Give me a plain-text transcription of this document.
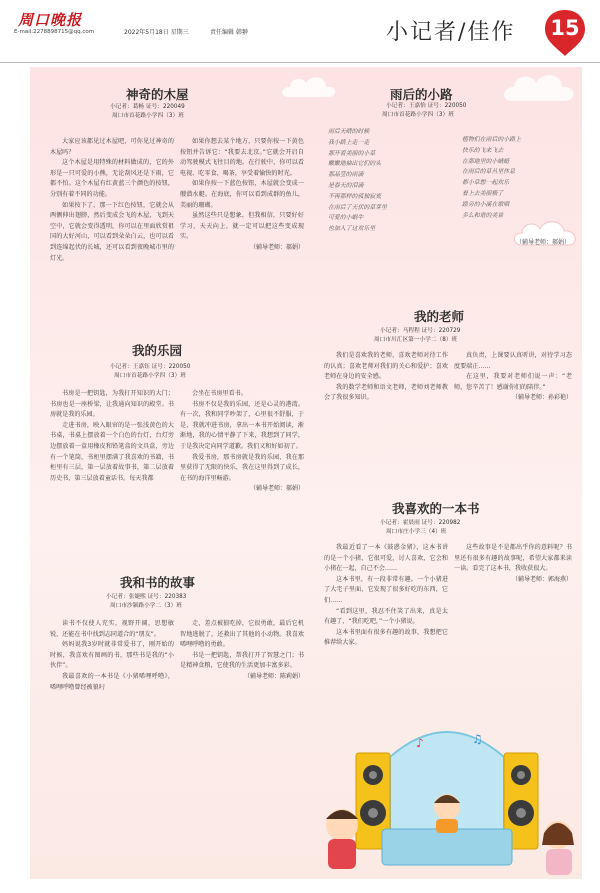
周口晚报
E-mail:2278898715@qq.com	2022年5月18日 星期三	责任编辑 韩翀	小记者/佳作	15
神奇的木屋
小记者：葛畅 证号：220049
周口市首花路小学四（3）班

大家应该都见过木屋吧，可你见过神奇的木屋吗？

这个木屋是用特殊的材料做成的，它的外形是一只可爱的小熊，无论刮风还是下雨，它都不怕。这个木屋有红黄蓝三个颜色的按钮，分别有着不同的功能。

如果按下了，那一下红色按钮，它就会从两侧伸出翅膀，然后变成会飞的木屋，飞到天空中，它就会变得透明，你可以在里面欣赏祖国的大好河山，可以看到朵朵白云，也可以看到连绵起伏的长城，还可以看到夜晚城市里的灯光。

如果你想去某个地方，只要你按一下黄色按钮并告诉它：“我要去北京。”它就会开启自动驾驶模式飞往目的地。在行驶中，你可以看电视、吃零食、喝茶，享受着愉快的时光。

如果你按一下蓝色按钮，木屋就会变成一艘潜水艇。在海底，你可以看到成群的鱼儿，美丽的珊瑚。

虽然这些只是想象，但我相信，只要好好学习，天天向上，就一定可以把这些变成现实。

（辅导老师：郝娟）
雨后的小路
小记者：王嘉怡 证号：220050
周口市首花路小学四（3）班
雨后天晴的时候
我小路上走一走
那开着美丽的小草
嫩嫩地抽出它们的头
那晶莹的雨滴
是春天的泪滴
不再那样的孤独寂寞
在雨后了天伏的草芽里
可爱的小蜗牛
也加入了这欢乐里
植物们在雨后的小路上
快乐的飞来飞去
在那地里的小蜻蜓
在雨后的草丛里休息
都小草想一起欢乐
看上去美丽极了
路旁的小溪在歌唱
多么和谐的美景
（辅导老师：郝娟）
我的老师
小记者：马程程 证号：220729
周口市川汇区第一小学二（8）班

我们是喜欢我的老师，喜欢老师对待工作的认真；喜欢老师对我们的关心和爱护；喜欢老师在身边的安全感。

我的数学老师和语文老师，老师刘老师教会了我很多知识。

真负责，上课要认真听讲，对待学习态度要端正……

在这里，我要对老师们说一声：“老师，您辛苦了！感谢你们的陪伴。”

（辅导老师：孙彩艳）
我的乐园
小记者：王嘉钰 证号：220050
周口市首花路小学四（3）班

书房是一把钥匙，为我打开知识的大门；书房也是一座桥梁，让我通向知识的殿堂。书房就是我的乐园。

走进书房，映入眼帘的是一张浅黄色的大书桌，书桌上摆放着一个白色的台灯，台灯旁边摆放着一盒用橡皮和铅笔盒的文具盒，旁边有一个笔筒，书柜里摆满了我喜欢的书籍，书柜里有三层，第一层放着故事书，第二层放着历史书，第三层放着童话书。每天我都

会坐在书房里看书。

书房不仅是我的乐园，还是心灵的港湾。有一次，我和同学吵架了，心里很不舒服，于是，我就冲进书房，拿出一本书开始阅读，渐渐地，我的心情平静了下来，我想到了同学，于是我决定向同学道歉。我们又和好如初了。

我爱书房，那书房就是我的乐园，我在那里获得了无限的快乐，我在这里得到了成长，在书的海洋里畅游。

（辅导老师：郝娟）
我喜欢的一本书
小记者：霍晨雨 证号：220982
周口市庄小学三（4）班

我最近看了一本《鼓惑金猪》，这本书讲的是一个小猪，它很可爱，讨人喜欢，它会和小猪在一起，自己不会……

这本书里，有一段非常有趣。一个小猪进了大宅子里面，它发现了很多好吃的东西，它们……

“看到这里，我忍不住笑了出来，真是太有趣了，“我们吃吧，”一个小猪说。

这本书里面有很多有趣的故事，我想把它推荐给大家。

这些故事是不是都出乎你的意料呢？书里还有很多有趣的故事呢，希望大家都来读一读。看完了这本书，我收获很大。

（辅导老师：郭海燕）
我和书的故事
小记者：张婕熙 证号：220383
周口市沙颍路小学二（3）班

读书不仅使人充实，视野开阔，思想敏锐，还能在书中找到志同道合的“朋友”。

妈妈说我3岁时就非常爱书了，刚开始的时候，我喜欢有图画的书，那些书是我的“小伙伴”。

我最喜欢的一本书是《小猪唏哩呼噜》，唏哩呼噜曾经被狼叼

走，差点被狼吃掉，它很勇敢，最后它机智地逃脱了，还救出了其他的小动物。我喜欢唏哩呼噜的勇敢。

书是一把钥匙，帮我打开了智慧之门；书是精神食粮，它使我的生活更加丰富多彩。

（辅导老师：陈莉娟）
♪	♫
